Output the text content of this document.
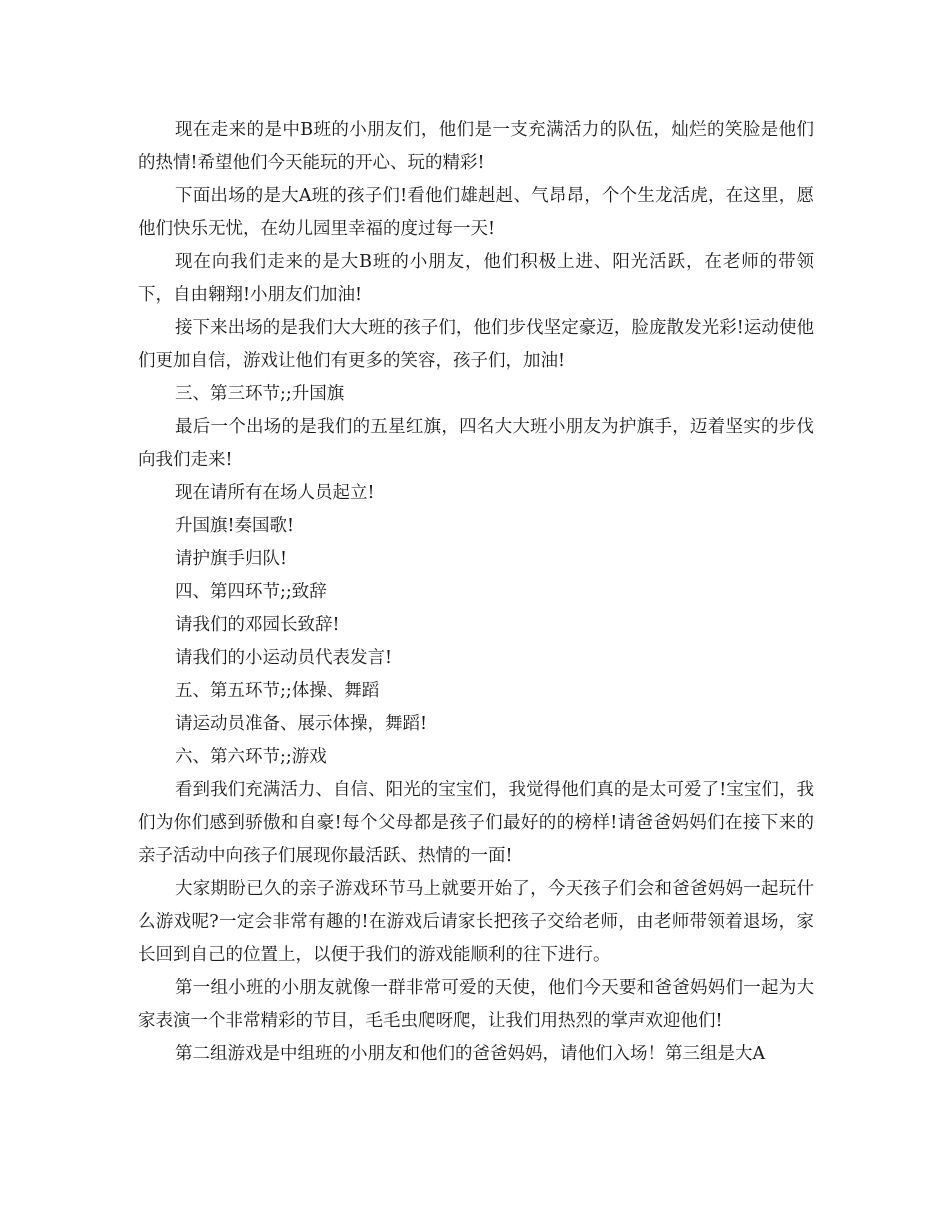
现在走来的是中B班的小朋友们，他们是一支充满活力的队伍，灿烂的笑脸是他们的热情!希望他们今天能玩的开心、玩的精彩!

下面出场的是大A班的孩子们!看他们雄赳赳、气昂昂，个个生龙活虎，在这里，愿他们快乐无忧，在幼儿园里幸福的度过每一天!

现在向我们走来的是大B班的小朋友，他们积极上进、阳光活跃，在老师的带领下，自由翱翔!小朋友们加油!

接下来出场的是我们大大班的孩子们，他们步伐坚定豪迈，脸庞散发光彩!运动使他们更加自信，游戏让他们有更多的笑容，孩子们，加油!

三、第三环节;;升国旗

最后一个出场的是我们的五星红旗，四名大大班小朋友为护旗手，迈着坚实的步伐向我们走来!

现在请所有在场人员起立!

升国旗!奏国歌!

请护旗手归队!

四、第四环节;;致辞

请我们的邓园长致辞!

请我们的小运动员代表发言!

五、第五环节;;体操、舞蹈

请运动员准备、展示体操，舞蹈!

六、第六环节;;游戏

看到我们充满活力、自信、阳光的宝宝们，我觉得他们真的是太可爱了!宝宝们，我们为你们感到骄傲和自豪!每个父母都是孩子们最好的的榜样!请爸爸妈妈们在接下来的亲子活动中向孩子们展现你最活跃、热情的一面!

大家期盼已久的亲子游戏环节马上就要开始了，今天孩子们会和爸爸妈妈一起玩什么游戏呢?一定会非常有趣的!在游戏后请家长把孩子交给老师，由老师带领着退场，家长回到自己的位置上，以便于我们的游戏能顺利的往下进行。

第一组小班的小朋友就像一群非常可爱的天使，他们今天要和爸爸妈妈们一起为大家表演一个非常精彩的节目，毛毛虫爬呀爬，让我们用热烈的掌声欢迎他们!

第二组游戏是中组班的小朋友和他们的爸爸妈妈，请他们入场！第三组是大A
